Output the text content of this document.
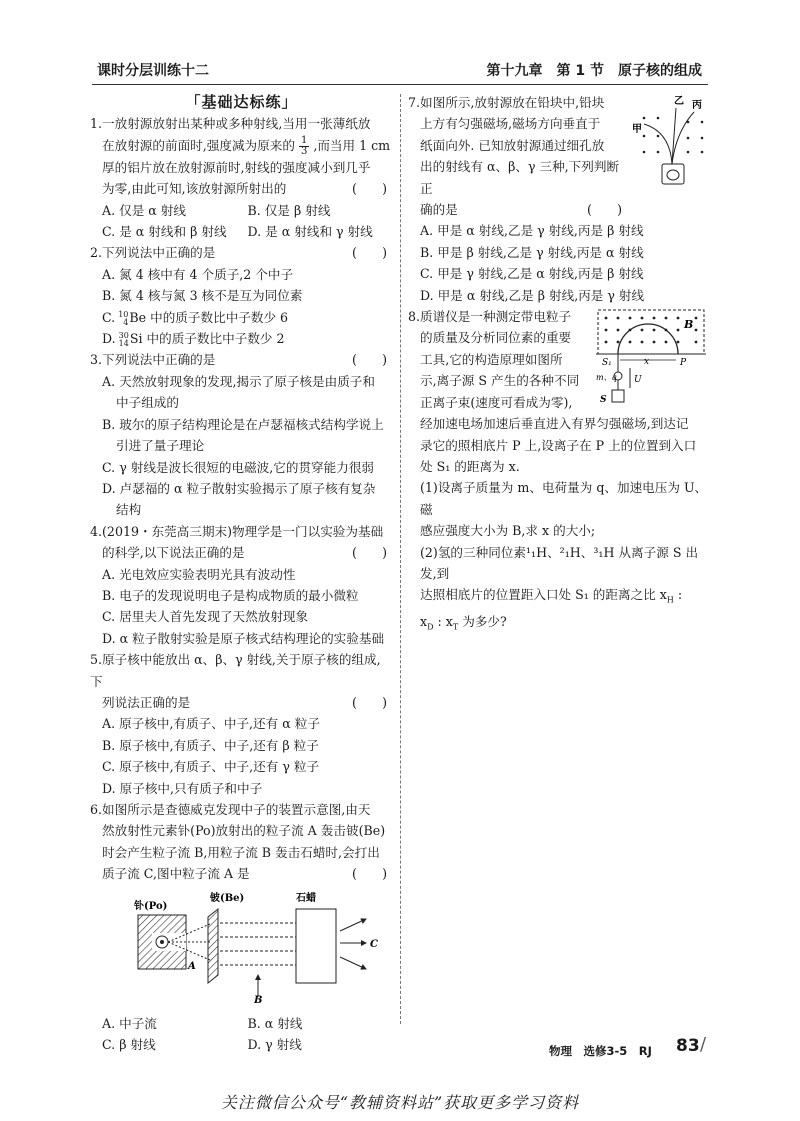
课时分层训练十二	第十九章　第 1 节　原子核的组成
「基础达标练」

1.一放射源放射出某种或多种射线,当用一张薄纸放

在放射源的前面时,强度减为原来的 $\frac{1}{3}$ ,而当用 1 cm

厚的铝片放在放射源前时,射线的强度减小到几乎

为零,由此可知,该放射源所射出的	(　　)

A. 仅是 α 射线	B. 仅是 β 射线
C. 是 α 射线和 β 射线	D. 是 α 射线和 γ 射线

2.下列说法中正确的是	(　　)

A. 氮 4 核中有 4 个质子,2 个中子

B. 氮 4 核与氮 3 核不是互为同位素

C. 10
4 Be 中的质子数比中子数少 6

D. 30
14 Si 中的质子数比中子数少 2

3.下列说法中正确的是	(　　)

A. 天然放射现象的发现,揭示了原子核是由质子和

中子组成的

B. 玻尔的原子结构理论是在卢瑟福核式结构学说上

引进了量子理论

C. γ 射线是波长很短的电磁波,它的贯穿能力很弱

D. 卢瑟福的 α 粒子散射实验揭示了原子核有复杂

结构

4.(2019・东莞高三期末)物理学是一门以实验为基础

的科学,以下说法正确的是	(　　)

A. 光电效应实验表明光具有波动性

B. 电子的发现说明电子是构成物质的最小微粒

C. 居里夫人首先发现了天然放射现象

D. α 粒子散射实验是原子核式结构理论的实验基础

5.原子核中能放出 α、β、γ 射线,关于原子核的组成,下

列说法正确的是	(　　)

A. 原子核中,有质子、中子,还有 α 粒子

B. 原子核中,有质子、中子,还有 β 粒子

C. 原子核中,有质子、中子,还有 γ 粒子

D. 原子核中,只有质子和中子

6.如图所示是查德威克发现中子的装置示意图,由天

然放射性元素钋(Po)放射出的粒子流 A 轰击铍(Be)

时会产生粒子流 B,用粒子流 B 轰击石蜡时,会打出

质子流 C,图中粒子流 A 是	(　　)

钋(Po)
铍(Be)	石蜡
C
A
B
A. 中子流	B. α 射线
C. β 射线	D. γ 射线
乙 丙
甲

7.如图所示,放射源放在铅块中,铅块

上方有匀强磁场,磁场方向垂直于

纸面向外. 已知放射源通过细孔放

出的射线有 α、β、γ 三种,下列判断正

确的是	(　　)

A. 甲是 α 射线,乙是 γ 射线,丙是 β 射线

B. 甲是 β 射线,乙是 γ 射线,丙是 α 射线

C. 甲是 γ 射线,乙是 α 射线,丙是 β 射线

D. 甲是 α 射线,乙是 β 射线,丙是 γ 射线

B
S₁	x	P
m、q U
S

8.质谱仪是一种测定带电粒子

的质量及分析同位素的重要

工具,它的构造原理如图所

示,离子源 S 产生的各种不同

正离子束(速度可看成为零),

经加速电场加速后垂直进入有界匀强磁场,到达记

录它的照相底片 P 上,设离子在 P 上的位置到入口

处 S₁ 的距离为 x.

(1)设离子质量为 m、电荷量为 q、加速电压为 U、磁

感应强度大小为 B,求 x 的大小;

(2)氢的三种同位素¹₁H、²₁H、³₁H 从离子源 S 出发,到

达照相底片的位置距入口处 S₁ 的距离之比 $x_H$ :

$x_D$ : $x_T$ 为多少?

物理　选修3-5　RJ 83 /
关注微信公众号“教辅资料站”获取更多学习资料
